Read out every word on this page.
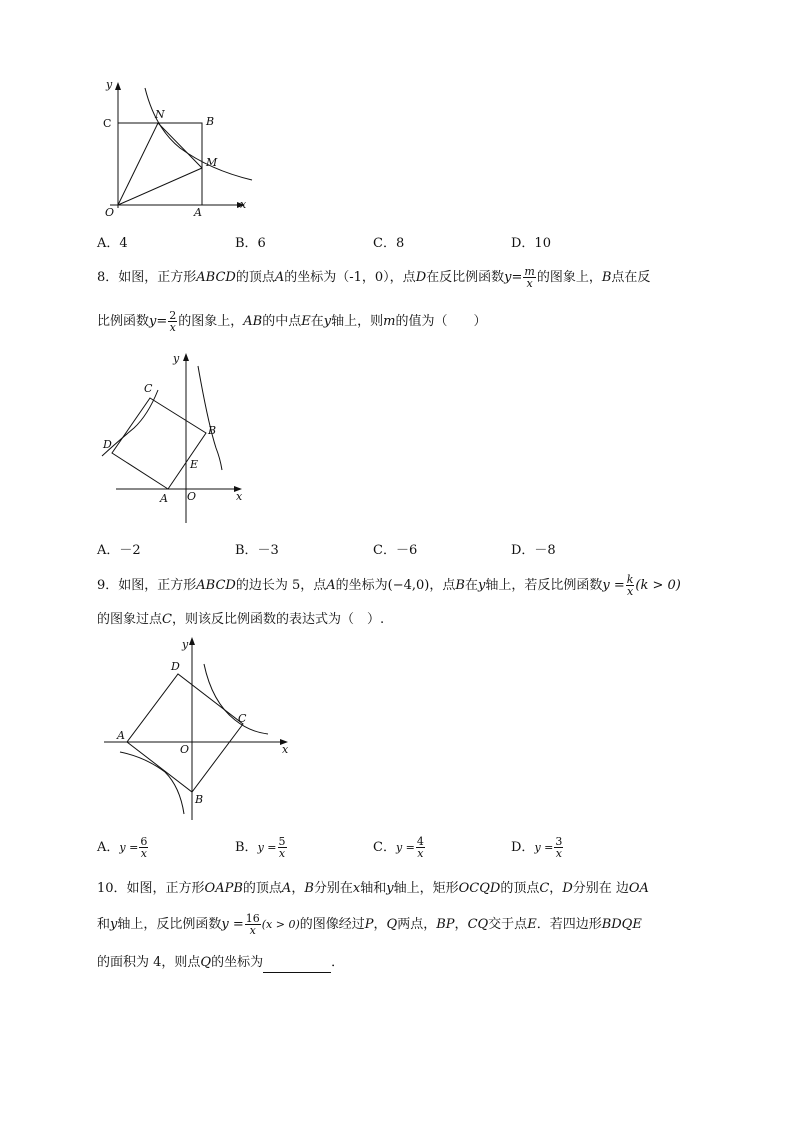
y
C
N
B
M
O	A
x
A．4	B．6	C．8	D．10
8．如图，正方形ABCD的顶点A的坐标为（-1，0），点D在反比例函数$y= \frac{m}{x}$ 的图象上，B点在反
比例函数$y= \frac{2}{x}$ 的图象上，AB的中点E在y轴上，则m的值为（　　）
y
C
D
B
E
A O	x
A．－2	B．－3	C．－6	D．－8
9．如图，正方形ABCD的边长为 5，点A的坐标为(−4,0)，点B在y轴上，若反比例函数$y = \frac{k}{x} (k > 0)$
的图象过点C，则该反比例函数的表达式为（　）.
y
D
C
A
O	x
B
A．$y = \frac{6}{x}$	B．$y = \frac{5}{x}$	C．$y = \frac{4}{x}$	D．$y = \frac{3}{x}$
10．如图，正方形OAPB的顶点A，B分别在x轴和y轴上，矩形OCQD的顶点C，D分别在 边OA
和y轴上，反比例函数$y = \frac{16}{x} (x > 0)$的图像经过P，Q两点，BP，CQ交于点E．若四边形BDQE
的面积为 4，则点Q的坐标为	．
